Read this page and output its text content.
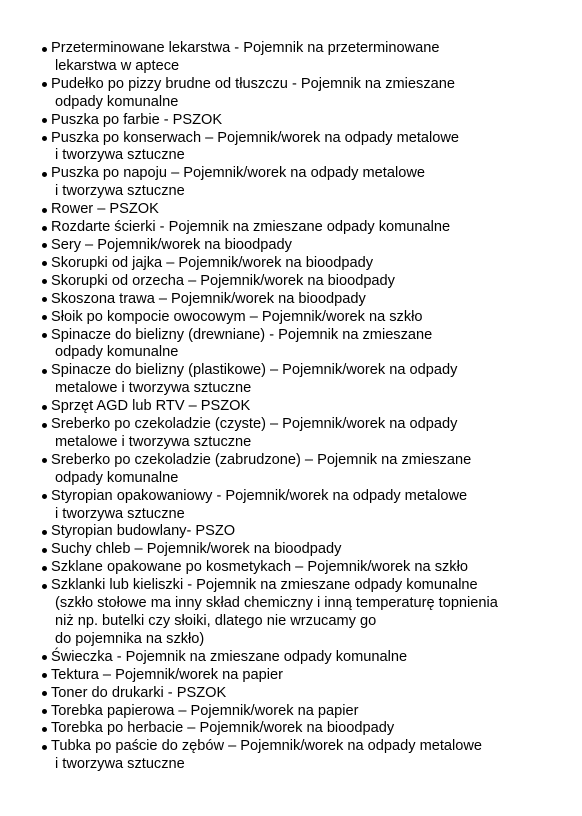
Przeterminowane lekarstwa - Pojemnik na przeterminowane
lekarstwa w aptece
Pudełko po pizzy brudne od tłuszczu - Pojemnik na zmieszane
odpady komunalne
Puszka po farbie - PSZOK
Puszka po konserwach – Pojemnik/worek na odpady metalowe
i tworzywa sztuczne
Puszka po napoju – Pojemnik/worek na odpady metalowe
i tworzywa sztuczne
Rower – PSZOK
Rozdarte ścierki - Pojemnik na zmieszane odpady komunalne
Sery – Pojemnik/worek na bioodpady
Skorupki od jajka – Pojemnik/worek na bioodpady
Skorupki od orzecha – Pojemnik/worek na bioodpady
Skoszona trawa – Pojemnik/worek na bioodpady
Słoik po kompocie owocowym – Pojemnik/worek na szkło
Spinacze do bielizny (drewniane) - Pojemnik na zmieszane
odpady komunalne
Spinacze do bielizny (plastikowe) – Pojemnik/worek na odpady
metalowe i tworzywa sztuczne
Sprzęt AGD lub RTV – PSZOK
Sreberko po czekoladzie (czyste) – Pojemnik/worek na odpady
metalowe i tworzywa sztuczne
Sreberko po czekoladzie (zabrudzone) – Pojemnik na zmieszane
odpady komunalne
Styropian opakowaniowy - Pojemnik/worek na odpady metalowe
i tworzywa sztuczne
Styropian budowlany- PSZO
Suchy chleb – Pojemnik/worek na bioodpady
Szklane opakowane po kosmetykach – Pojemnik/worek na szkło
Szklanki lub kieliszki - Pojemnik na zmieszane odpady komunalne
(szkło stołowe ma inny skład chemiczny i inną temperaturę topnienia
niż np. butelki czy słoiki, dlatego nie wrzucamy go
do pojemnika na szkło)
Świeczka - Pojemnik na zmieszane odpady komunalne
Tektura – Pojemnik/worek na papier
Toner do drukarki - PSZOK
Torebka papierowa – Pojemnik/worek na papier
Torebka po herbacie – Pojemnik/worek na bioodpady
Tubka po paście do zębów – Pojemnik/worek na odpady metalowe
i tworzywa sztuczne
